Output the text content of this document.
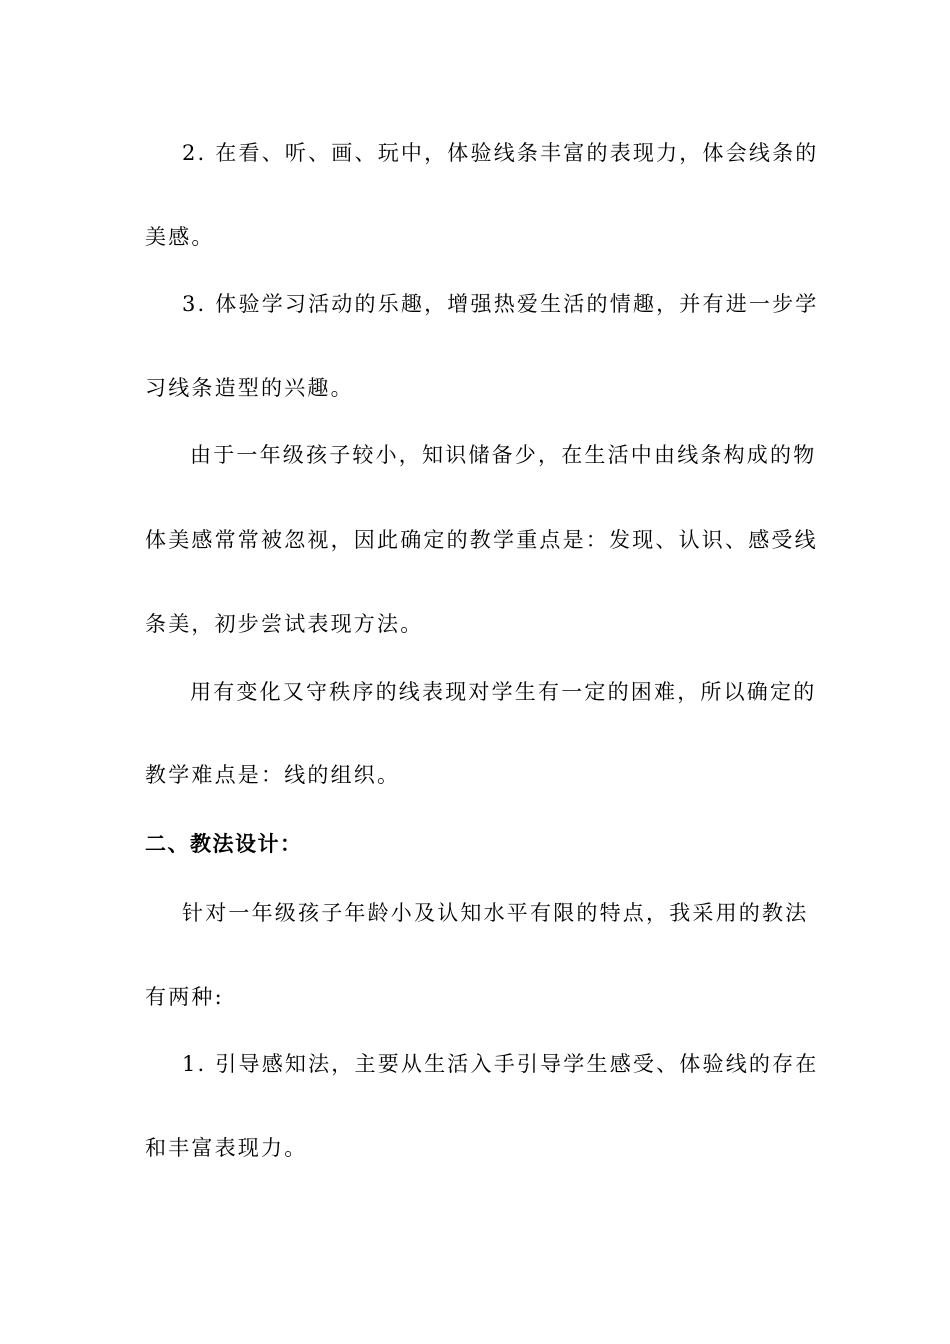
2. 在看、听、画、玩中，体验线条丰富的表现力，体会线条的
美感。
3. 体验学习活动的乐趣，增强热爱生活的情趣，并有进一步学
习线条造型的兴趣。
由于一年级孩子较小，知识储备少，在生活中由线条构成的物
体美感常常被忽视，因此确定的教学重点是：发现、认识、感受线
条美，初步尝试表现方法。
用有变化又守秩序的线表现对学生有一定的困难，所以确定的
教学难点是：线的组织。
二、教法设计：
针对一年级孩子年龄小及认知水平有限的特点，我采用的教法
有两种:
1. 引导感知法，主要从生活入手引导学生感受、体验线的存在
和丰富表现力。
